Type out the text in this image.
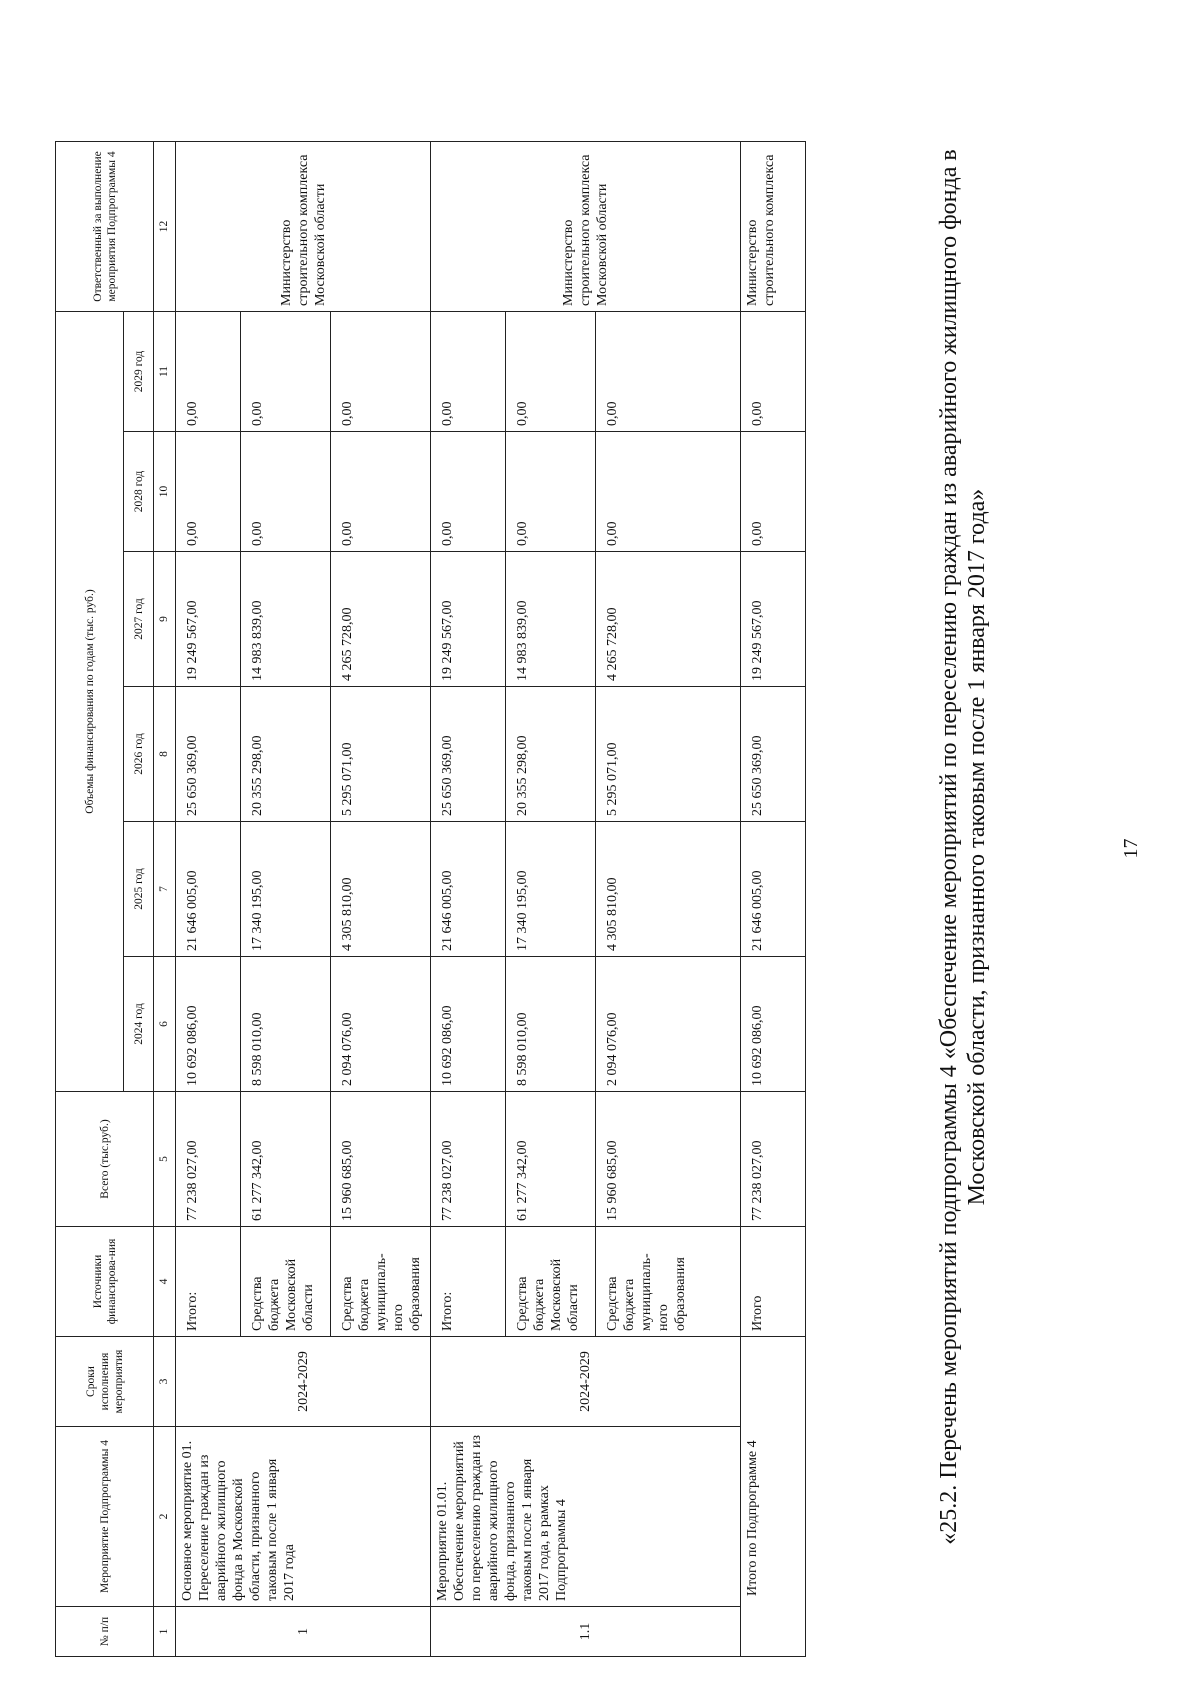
17
«25.2. Перечень мероприятий подпрограммы 4 «Обеспечение мероприятий по переселению граждан из аварийного жилищного фонда в Московской области, признанного таковым после 1 января 2017 года»
№ п/п	Мероприятие Подпрограммы 4	Сроки исполнения мероприятия	Источники финансирова-ния	Всего (тыс.руб.)	Объемы финансирования по годам (тыс. руб.)						Ответственный за выполнение мероприятия Подпрограммы 4
					2024 год	2025 год	2026 год	2027 год	2028 год	2029 год	
1	2	3	4	5	6	7	8	9	10	11	12
1	Основное мероприятие 01. Переселение граждан из аварийного жилищного фонда в Московской области, признанного таковым после 1 января 2017 года	2024-2029	Итого:	77 238 027,00	10 692 086,00	21 646 005,00	25 650 369,00	19 249 567,00	0,00	0,00	Министерство строительного комплекса Московской области
			Средства бюджета Московской области	61 277 342,00	8 598 010,00	17 340 195,00	20 355 298,00	14 983 839,00	0,00	0,00	
			Средства бюджета муниципаль-ного образования	15 960 685,00	2 094 076,00	4 305 810,00	5 295 071,00	4 265 728,00	0,00	0,00	
1.1	Мероприятие 01.01. Обеспечение мероприятий по переселению граждан из аварийного жилищного фонда, признанного таковым после 1 января 2017 года, в рамках Подпрограммы 4	2024-2029	Итого:	77 238 027,00	10 692 086,00	21 646 005,00	25 650 369,00	19 249 567,00	0,00	0,00	Министерство строительного комплекса Московской области
			Средства бюджета Московской области	61 277 342,00	8 598 010,00	17 340 195,00	20 355 298,00	14 983 839,00	0,00	0,00	
			Средства бюджета муниципаль-ного образования	15 960 685,00	2 094 076,00	4 305 810,00	5 295 071,00	4 265 728,00	0,00	0,00	
Итого по Подпрограмме 4			Итого	77 238 027,00	10 692 086,00	21 646 005,00	25 650 369,00	19 249 567,00	0,00	0,00	Министерство строительного комплекса
